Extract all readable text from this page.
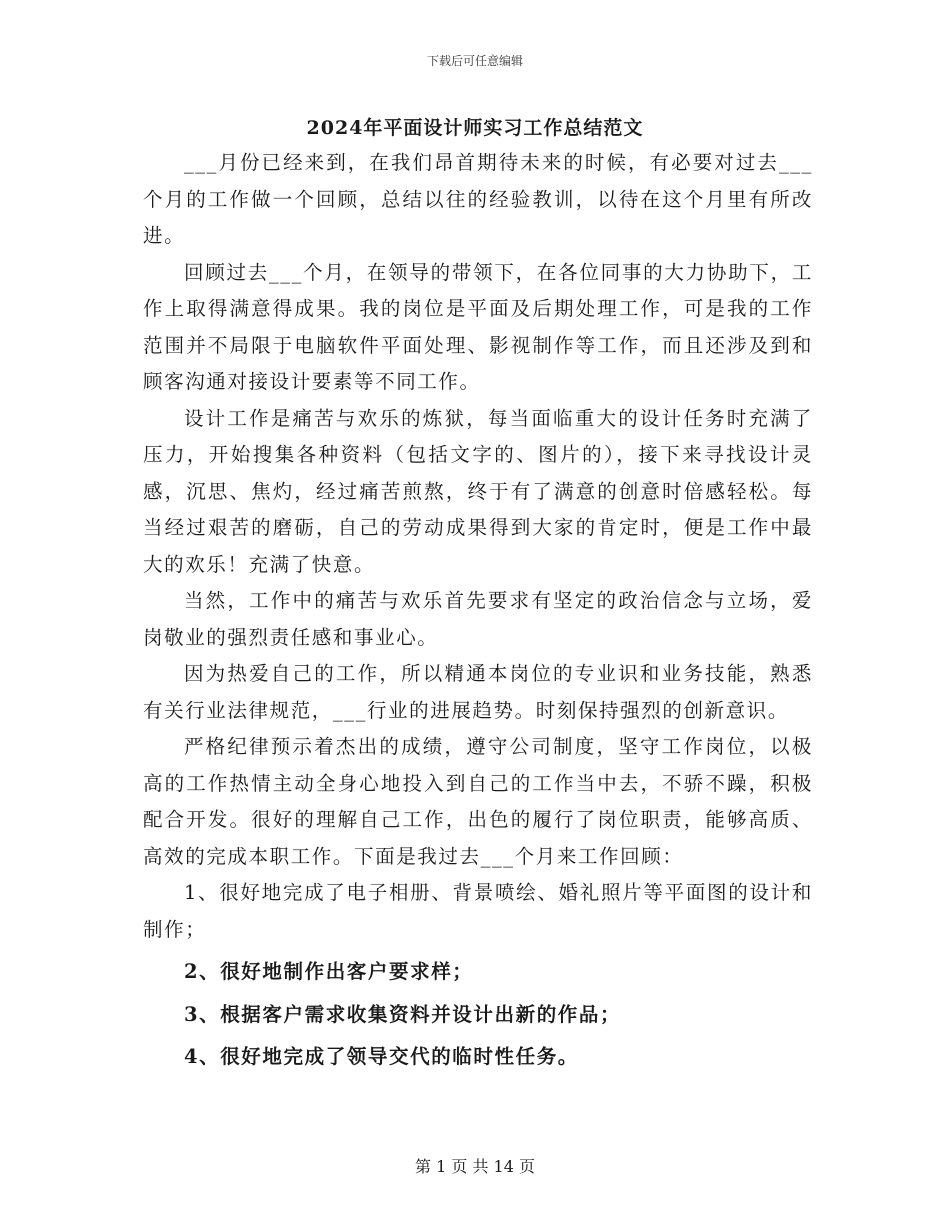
下载后可任意编辑
2024年平面设计师实习工作总结范文

___月份已经来到，在我们昂首期待未来的时候，有必要对过去___个月的工作做一个回顾，总结以往的经验教训，以待在这个月里有所改进。

回顾过去___个月，在领导的带领下，在各位同事的大力协助下，工作上取得满意得成果。我的岗位是平面及后期处理工作，可是我的工作范围并不局限于电脑软件平面处理、影视制作等工作，而且还涉及到和顾客沟通对接设计要素等不同工作。

设计工作是痛苦与欢乐的炼狱，每当面临重大的设计任务时充满了压力，开始搜集各种资料（包括文字的、图片的），接下来寻找设计灵感，沉思、焦灼，经过痛苦煎熬，终于有了满意的创意时倍感轻松。每当经过艰苦的磨砺，自己的劳动成果得到大家的肯定时，便是工作中最大的欢乐！充满了快意。

当然，工作中的痛苦与欢乐首先要求有坚定的政治信念与立场，爱岗敬业的强烈责任感和事业心。

因为热爱自己的工作，所以精通本岗位的专业识和业务技能，熟悉有关行业法律规范，___行业的进展趋势。时刻保持强烈的创新意识。

严格纪律预示着杰出的成绩，遵守公司制度，坚守工作岗位，以极高的工作热情主动全身心地投入到自己的工作当中去，不骄不躁，积极配合开发。很好的理解自己工作，出色的履行了岗位职责，能够高质、高效的完成本职工作。下面是我过去___个月来工作回顾：

1、很好地完成了电子相册、背景喷绘、婚礼照片等平面图的设计和制作；

2、很好地制作出客户要求样；

3、根据客户需求收集资料并设计出新的作品；

4、很好地完成了领导交代的临时性任务。

第 1 页 共 14 页
